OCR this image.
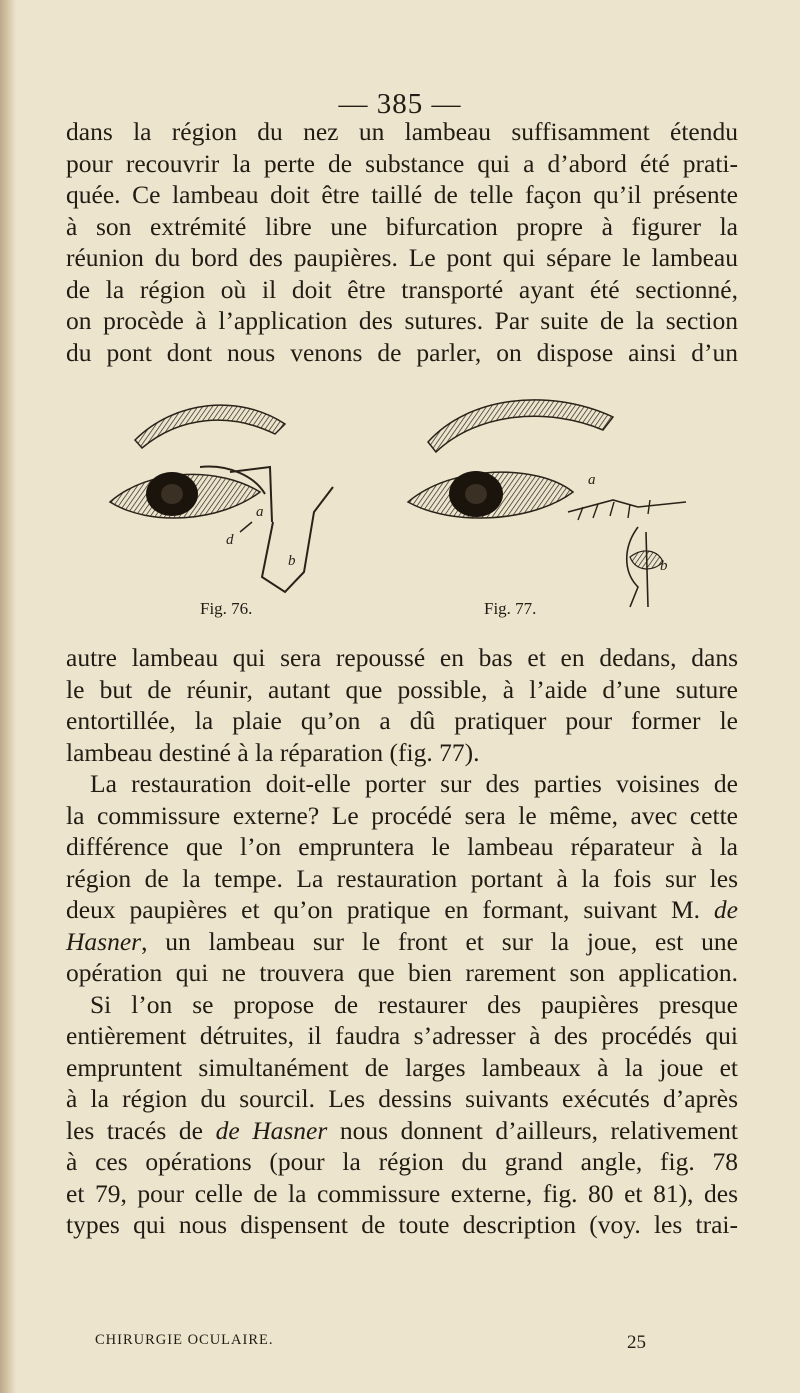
— 385 —
dans la région du nez un lambeau suffisamment étendu
pour recouvrir la perte de substance qui a d’abord été prati-
quée. Ce lambeau doit être taillé de telle façon qu’il présente
à son extrémité libre une bifurcation propre à figurer la
réunion du bord des paupières. Le pont qui sépare le lambeau
de la région où il doit être transporté ayant été sectionné,
on procède à l’application des sutures. Par suite de la section
du pont dont nous venons de parler, on dispose ainsi d’un
a
d
b
Fig. 76.
a
b
Fig. 77.
autre lambeau qui sera repoussé en bas et en dedans, dans
le but de réunir, autant que possible, à l’aide d’une suture
entortillée, la plaie qu’on a dû pratiquer pour former le
lambeau destiné à la réparation (fig. 77).
La restauration doit-elle porter sur des parties voisines de
la commissure externe? Le procédé sera le même, avec cette
différence que l’on empruntera le lambeau réparateur à la
région de la tempe. La restauration portant à la fois sur les
deux paupières et qu’on pratique en formant, suivant M. de
Hasner, un lambeau sur le front et sur la joue, est une
opération qui ne trouvera que bien rarement son application.
Si l’on se propose de restaurer des paupières presque
entièrement détruites, il faudra s’adresser à des procédés qui
empruntent simultanément de larges lambeaux à la joue et
à la région du sourcil. Les dessins suivants exécutés d’après
les tracés de de Hasner nous donnent d’ailleurs, relativement
à ces opérations (pour la région du grand angle, fig. 78
et 79, pour celle de la commissure externe, fig. 80 et 81), des
types qui nous dispensent de toute description (voy. les trai-
CHIRURGIE OCULAIRE.	25
